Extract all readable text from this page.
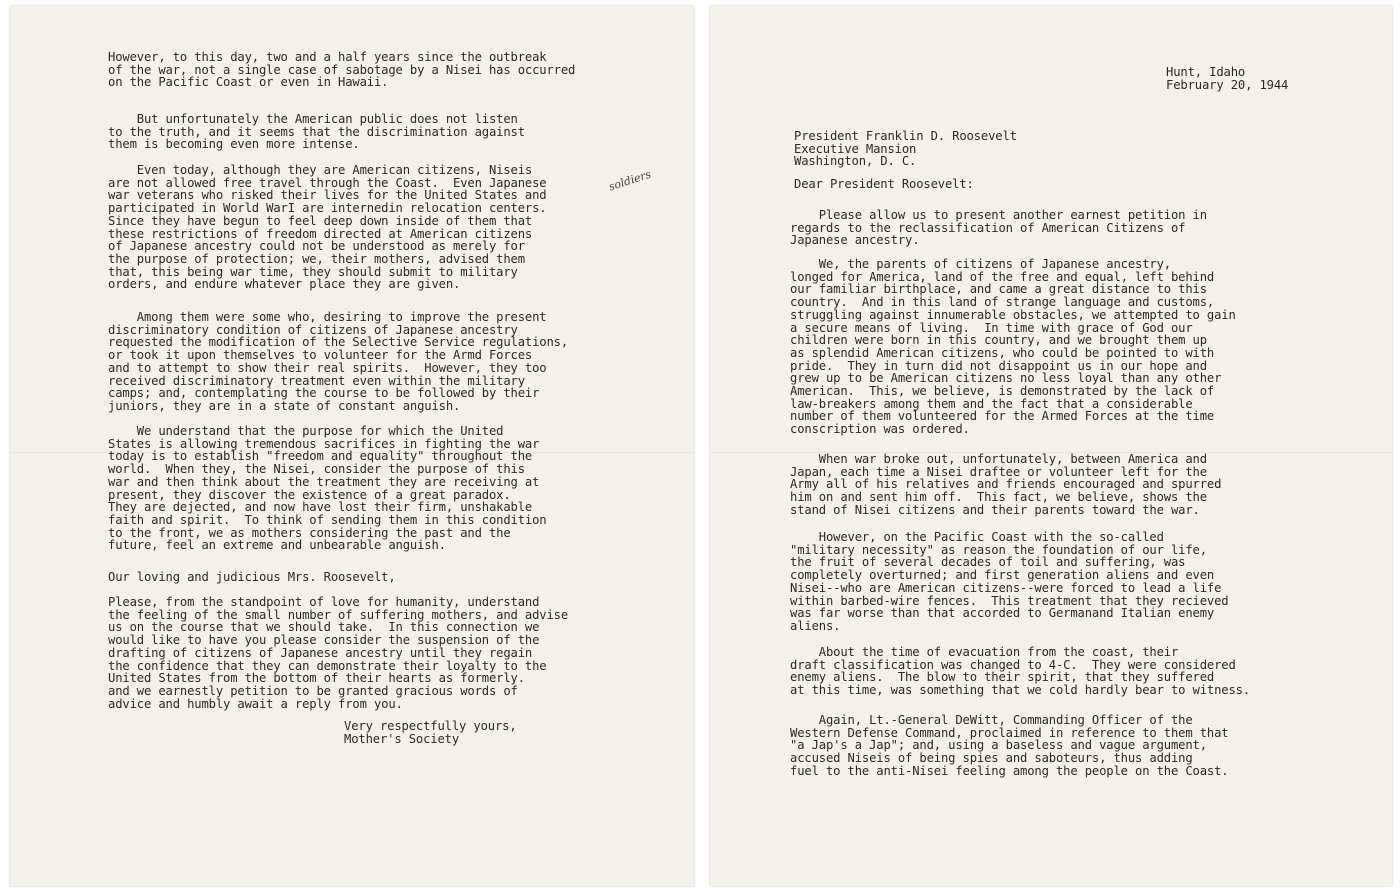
However, to this day, two and a half years since the outbreak
of the war, not a single case of sabotage by a Nisei has occurred
on the Pacific Coast or even in Hawaii.
But unfortunately the American public does not listen
to the truth, and it seems that the discrimination against
them is becoming even more intense.
Even today, although they are American citizens, Niseis
are not allowed free travel through the Coast.  Even Japanese
war veterans who risked their lives for the United States and
participated in World WarI are internedin relocation centers.
Since they have begun to feel deep down inside of them that
these restrictions of freedom directed at American citizens
of Japanese ancestry could not be understood as merely for
the purpose of protection; we, their mothers, advised them
that, this being war time, they should submit to military
orders, and endure whatever place they are given.
Among them were some who, desiring to improve the present
discriminatory condition of citizens of Japanese ancestry
requested the modification of the Selective Service regulations,
or took it upon themselves to volunteer for the Armd Forces
and to attempt to show their real spirits.  However, they too
received discriminatory treatment even within the military
camps; and, contemplating the course to be followed by their
juniors, they are in a state of constant anguish.
We understand that the purpose for which the United
States is allowing tremendous sacrifices in fighting the war
today is to establish "freedom and equality" throughout the
world.  When they, the Nisei, consider the purpose of this
war and then think about the treatment they are receiving at
present, they discover the existence of a great paradox.
They are dejected, and now have lost their firm, unshakable
faith and spirit.  To think of sending them in this condition
to the front, we as mothers considering the past and the
future, feel an extreme and unbearable anguish.
Our loving and judicious Mrs. Roosevelt,
Please, from the standpoint of love for humanity, understand
the feeling of the small number of suffering mothers, and advise
us on the course that we should take.  In this connection we
would like to have you please consider the suspension of the
drafting of citizens of Japanese ancestry until they regain
the confidence that they can demonstrate their loyalty to the
United States from the bottom of their hearts as formerly.
and we earnestly petition to be granted gracious words of
advice and humbly await a reply from you.
Very respectfully yours,
Mother's Society
soldiers
Hunt, Idaho
February 20, 1944
President Franklin D. Roosevelt
Executive Mansion
Washington, D. C.
Dear President Roosevelt:
Please allow us to present another earnest petition in
regards to the reclassification of American Citizens of
Japanese ancestry.
We, the parents of citizens of Japanese ancestry,
longed for America, land of the free and equal, left behind
our familiar birthplace, and came a great distance to this
country.  And in this land of strange language and customs,
struggling against innumerable obstacles, we attempted to gain
a secure means of living.  In time with grace of God our
children were born in this country, and we brought them up
as splendid American citizens, who could be pointed to with
pride.  They in turn did not disappoint us in our hope and
grew up to be American citizens no less loyal than any other
American.  This, we believe, is demonstrated by the lack of
law-breakers among them and the fact that a considerable
number of them volunteered for the Armed Forces at the time
conscription was ordered.
When war broke out, unfortunately, between America and
Japan, each time a Nisei draftee or volunteer left for the
Army all of his relatives and friends encouraged and spurred
him on and sent him off.  This fact, we believe, shows the
stand of Nisei citizens and their parents toward the war.
However, on the Pacific Coast with the so-called
"military necessity" as reason the foundation of our life,
the fruit of several decades of toil and suffering, was
completely overturned; and first generation aliens and even
Nisei--who are American citizens--were forced to lead a life
within barbed-wire fences.  This treatment that they recieved
was far worse than that accorded to Germanand Italian enemy
aliens.
About the time of evacuation from the coast, their
draft classification was changed to 4-C.  They were considered
enemy aliens.  The blow to their spirit, that they suffered
at this time, was something that we cold hardly bear to witness.
Again, Lt.-General DeWitt, Commanding Officer of the
Western Defense Command, proclaimed in reference to them that
"a Jap's a Jap"; and, using a baseless and vague argument,
accused Niseis of being spies and saboteurs, thus adding
fuel to the anti-Nisei feeling among the people on the Coast.
